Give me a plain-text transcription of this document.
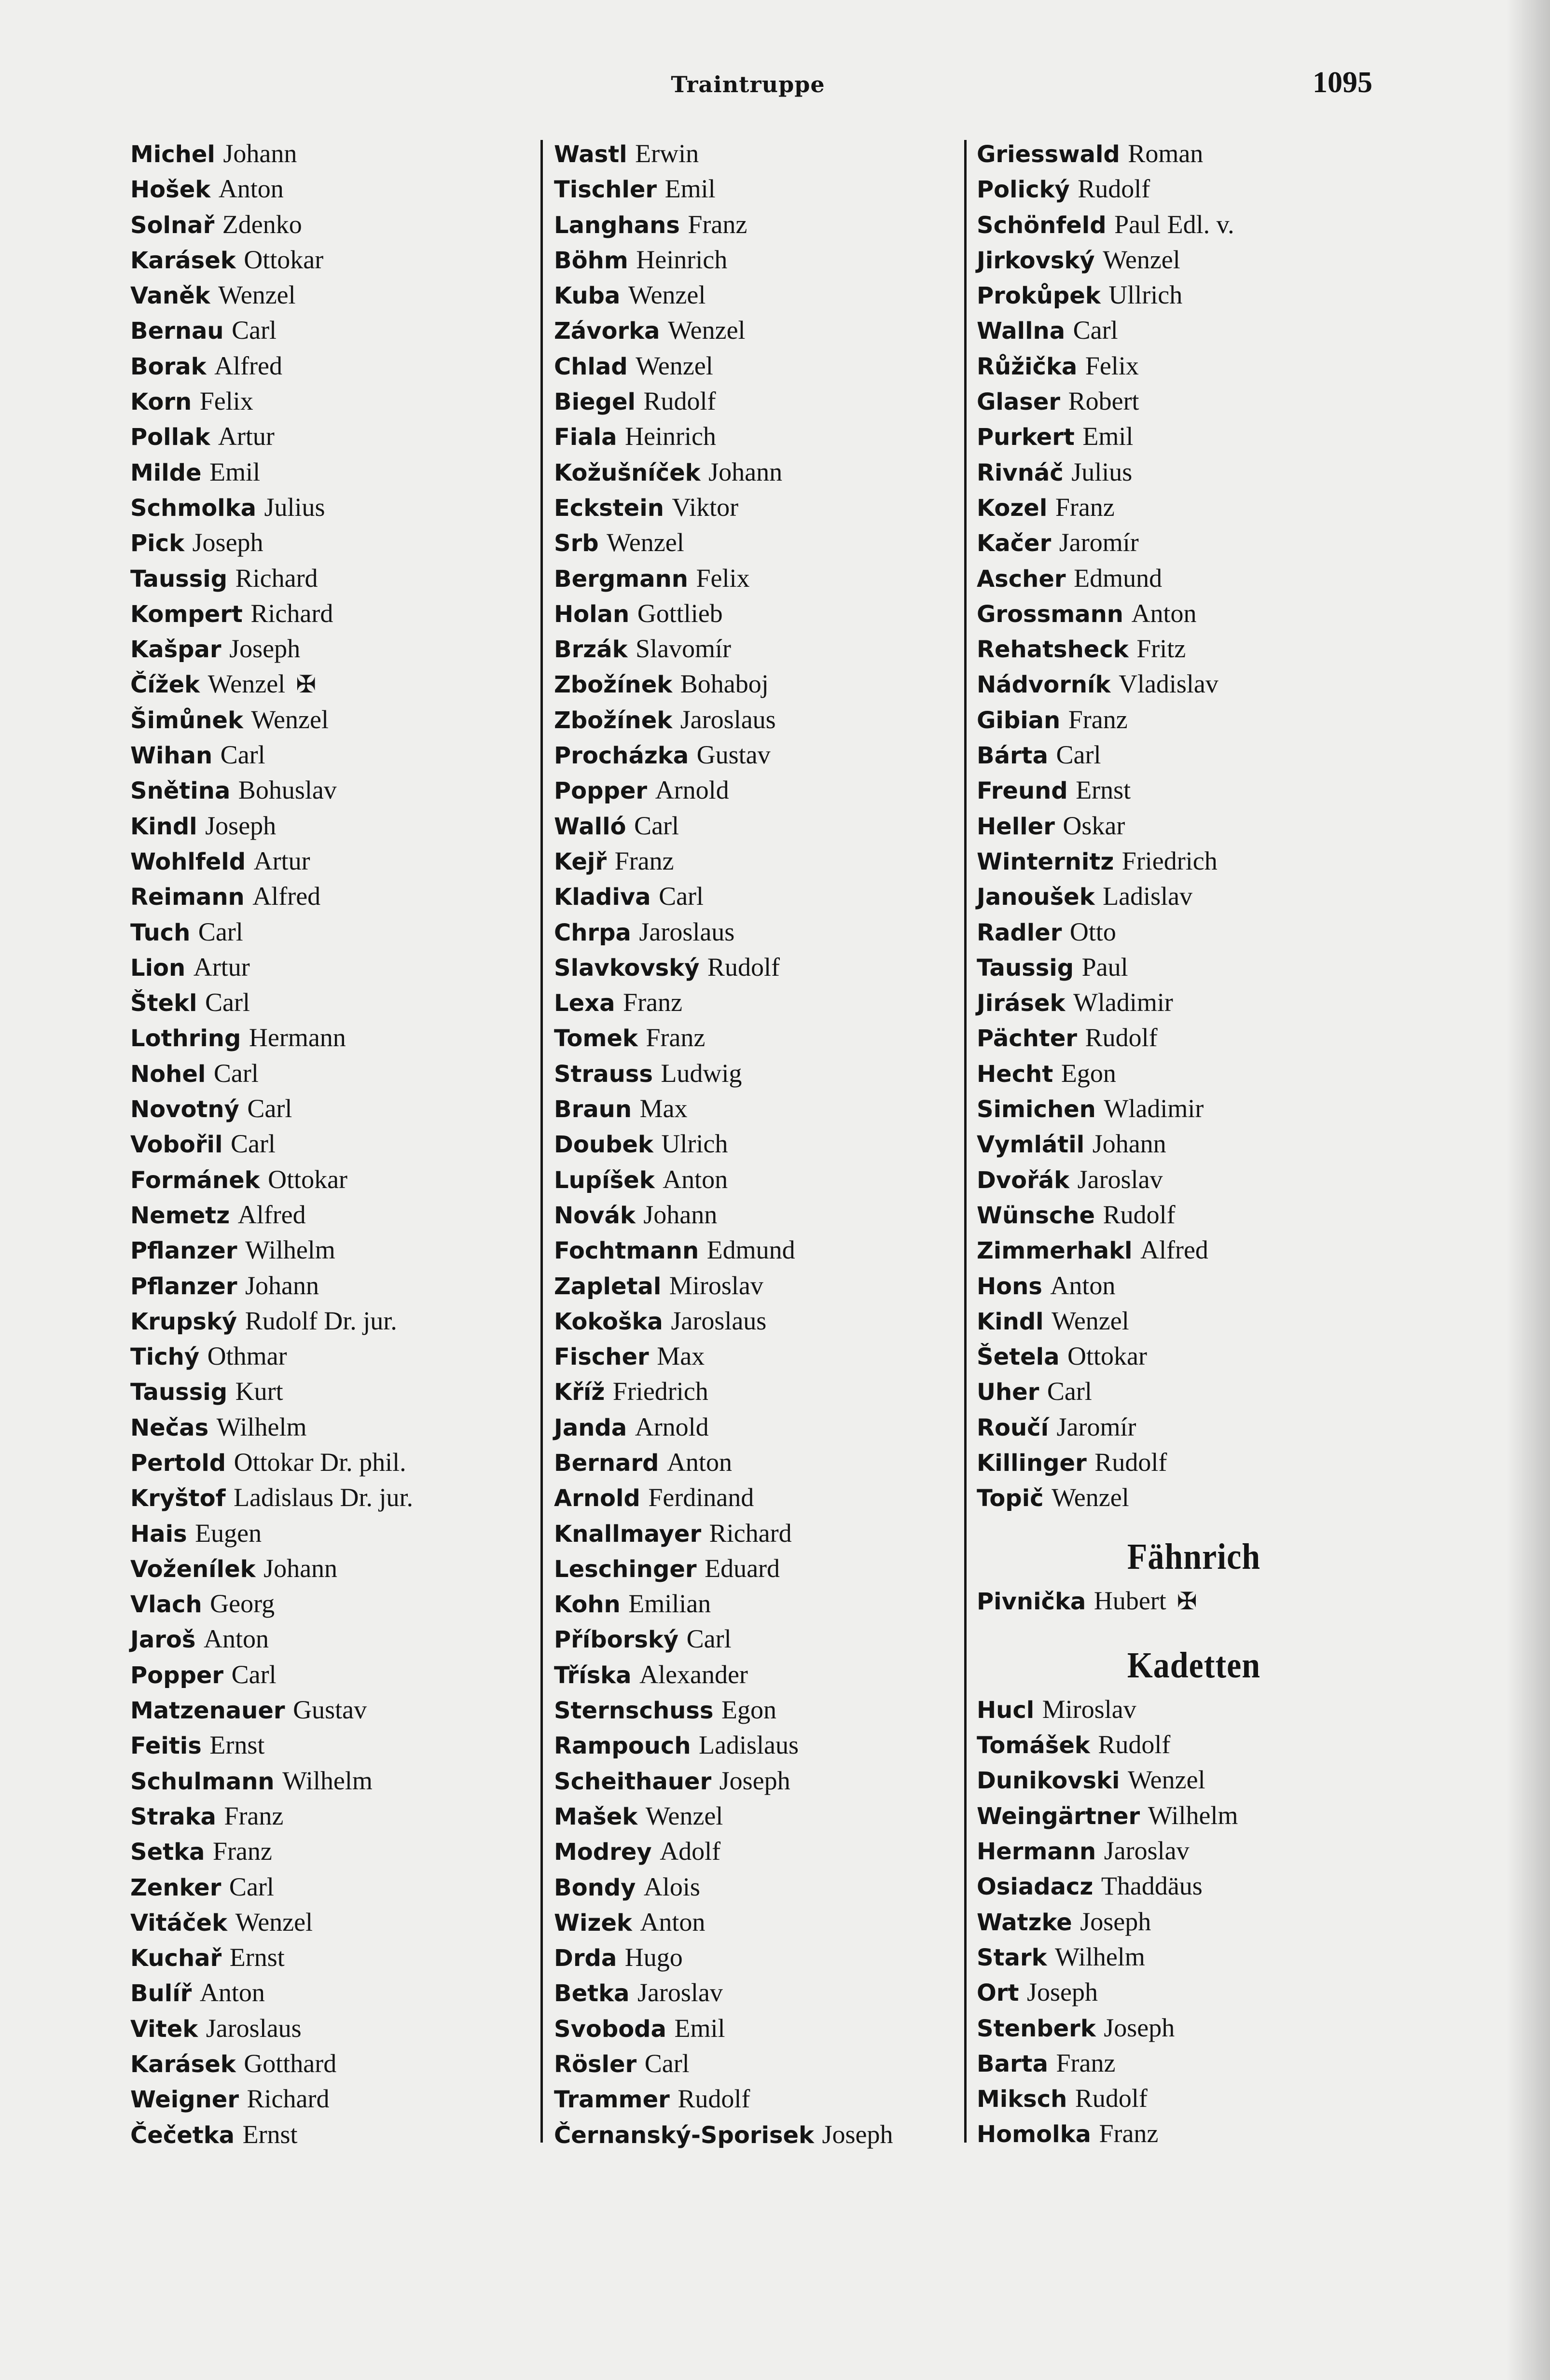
Traintruppe	1095
Michel Johann
Hošek Anton
Solnař Zdenko
Karásek Ottokar
Vaněk Wenzel
Bernau Carl
Borak Alfred
Korn Felix
Pollak Artur
Milde Emil
Schmolka Julius
Pick Joseph
Taussig Richard
Kompert Richard
Kašpar Joseph
Čížek Wenzel ✠
Šimůnek Wenzel
Wihan Carl
Snětina Bohuslav
Kindl Joseph
Wohlfeld Artur
Reimann Alfred
Tuch Carl
Lion Artur
Štekl Carl
Lothring Hermann
Nohel Carl
Novotný Carl
Vobořil Carl
Formánek Ottokar
Nemetz Alfred
Pflanzer Wilhelm
Pflanzer Johann
Krupský Rudolf Dr. jur.
Tichý Othmar
Taussig Kurt
Nečas Wilhelm
Pertold Ottokar Dr. phil.
Kryštof Ladislaus Dr. jur.
Hais Eugen
Voženílek Johann
Vlach Georg
Jaroš Anton
Popper Carl
Matzenauer Gustav
Feitis Ernst
Schulmann Wilhelm
Straka Franz
Setka Franz
Zenker Carl
Vitáček Wenzel
Kuchař Ernst
Bulíř Anton
Vitek Jaroslaus
Karásek Gotthard
Weigner Richard
Čečetka Ernst
Wastl Erwin
Tischler Emil
Langhans Franz
Böhm Heinrich
Kuba Wenzel
Závorka Wenzel
Chlad Wenzel
Biegel Rudolf
Fiala Heinrich
Kožušníček Johann
Eckstein Viktor
Srb Wenzel
Bergmann Felix
Holan Gottlieb
Brzák Slavomír
Zbožínek Bohaboj
Zbožínek Jaroslaus
Procházka Gustav
Popper Arnold
Walló Carl
Kejř Franz
Kladiva Carl
Chrpa Jaroslaus
Slavkovský Rudolf
Lexa Franz
Tomek Franz
Strauss Ludwig
Braun Max
Doubek Ulrich
Lupíšek Anton
Novák Johann
Fochtmann Edmund
Zapletal Miroslav
Kokoška Jaroslaus
Fischer Max
Kříž Friedrich
Janda Arnold
Bernard Anton
Arnold Ferdinand
Knallmayer Richard
Leschinger Eduard
Kohn Emilian
Příborský Carl
Tříska Alexander
Sternschuss Egon
Rampouch Ladislaus
Scheithauer Joseph
Mašek Wenzel
Modrey Adolf
Bondy Alois
Wizek Anton
Drda Hugo
Betka Jaroslav
Svoboda Emil
Rösler Carl
Trammer Rudolf
Černanský-Sporisek Joseph
Griesswald Roman
Polický Rudolf
Schönfeld Paul Edl. v.
Jirkovský Wenzel
Prokůpek Ullrich
Wallna Carl
Růžička Felix
Glaser Robert
Purkert Emil
Rivnáč Julius
Kozel Franz
Kačer Jaromír
Ascher Edmund
Grossmann Anton
Rehatsheck Fritz
Nádvorník Vladislav
Gibian Franz
Bárta Carl
Freund Ernst
Heller Oskar
Winternitz Friedrich
Janoušek Ladislav
Radler Otto
Taussig Paul
Jirásek Wladimir
Pächter Rudolf
Hecht Egon
Simichen Wladimir
Vymlátil Johann
Dvořák Jaroslav
Wünsche Rudolf
Zimmerhakl Alfred
Hons Anton
Kindl Wenzel
Šetela Ottokar
Uher Carl
Roučí Jaromír
Killinger Rudolf
Topič Wenzel
Fähnrich
Pivnička Hubert ✠
Kadetten
Hucl Miroslav
Tomášek Rudolf
Dunikovski Wenzel
Weingärtner Wilhelm
Hermann Jaroslav
Osiadacz Thaddäus
Watzke Joseph
Stark Wilhelm
Ort Joseph
Stenberk Joseph
Barta Franz
Miksch Rudolf
Homolka Franz
